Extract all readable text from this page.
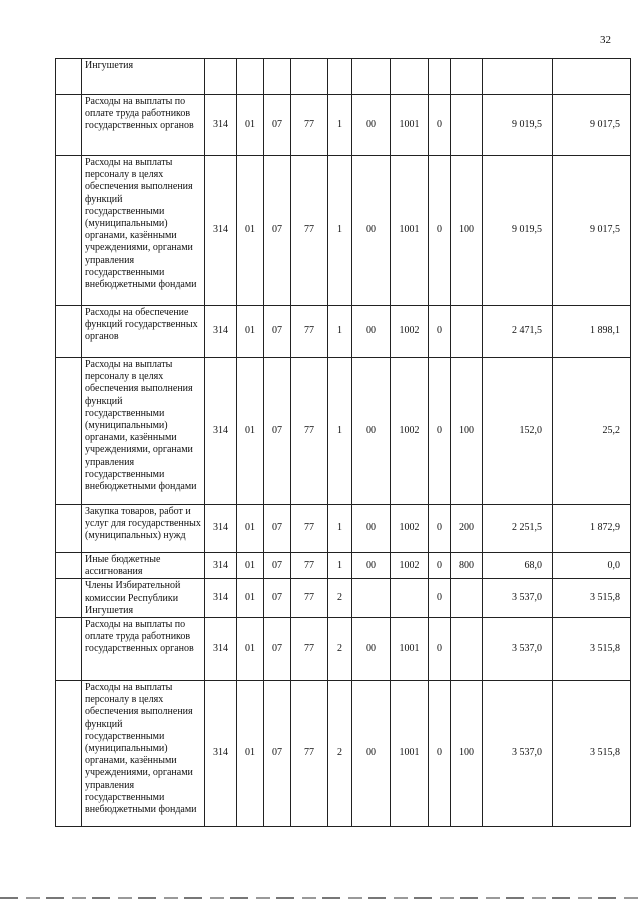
32
	Ингушетия											
	Расходы на выплаты по оплате труда работников государственных органов	314	01	07	77	1	00	1001	0		9 019,5	9 017,5
	Расходы на выплаты персоналу в целях обеспечения выполнения функций государственными (муниципальными) органами, казёнными учреждениями, органами управления государственными внебюджетными фондами	314	01	07	77	1	00	1001	0	100	9 019,5	9 017,5
	Расходы на обеспечение функций государственных органов	314	01	07	77	1	00	1002	0		2 471,5	1 898,1
	Расходы на выплаты персоналу в целях обеспечения выполнения функций государственными (муниципальными) органами, казёнными учреждениями, органами управления государственными внебюджетными фондами	314	01	07	77	1	00	1002	0	100	152,0	25,2
	Закупка товаров, работ и услуг для государственных (муниципальных) нужд	314	01	07	77	1	00	1002	0	200	2 251,5	1 872,9
	Иные бюджетные ассигнования	314	01	07	77	1	00	1002	0	800	68,0	0,0
	Члены Избирательной комиссии Республики Ингушетия	314	01	07	77	2			0		3 537,0	3 515,8
	Расходы на выплаты по оплате труда работников государственных органов	314	01	07	77	2	00	1001	0		3 537,0	3 515,8
	Расходы на выплаты персоналу в целях обеспечения выполнения функций государственными (муниципальными) органами, казёнными учреждениями, органами управления государственными внебюджетными фондами	314	01	07	77	2	00	1001	0	100	3 537,0	3 515,8
